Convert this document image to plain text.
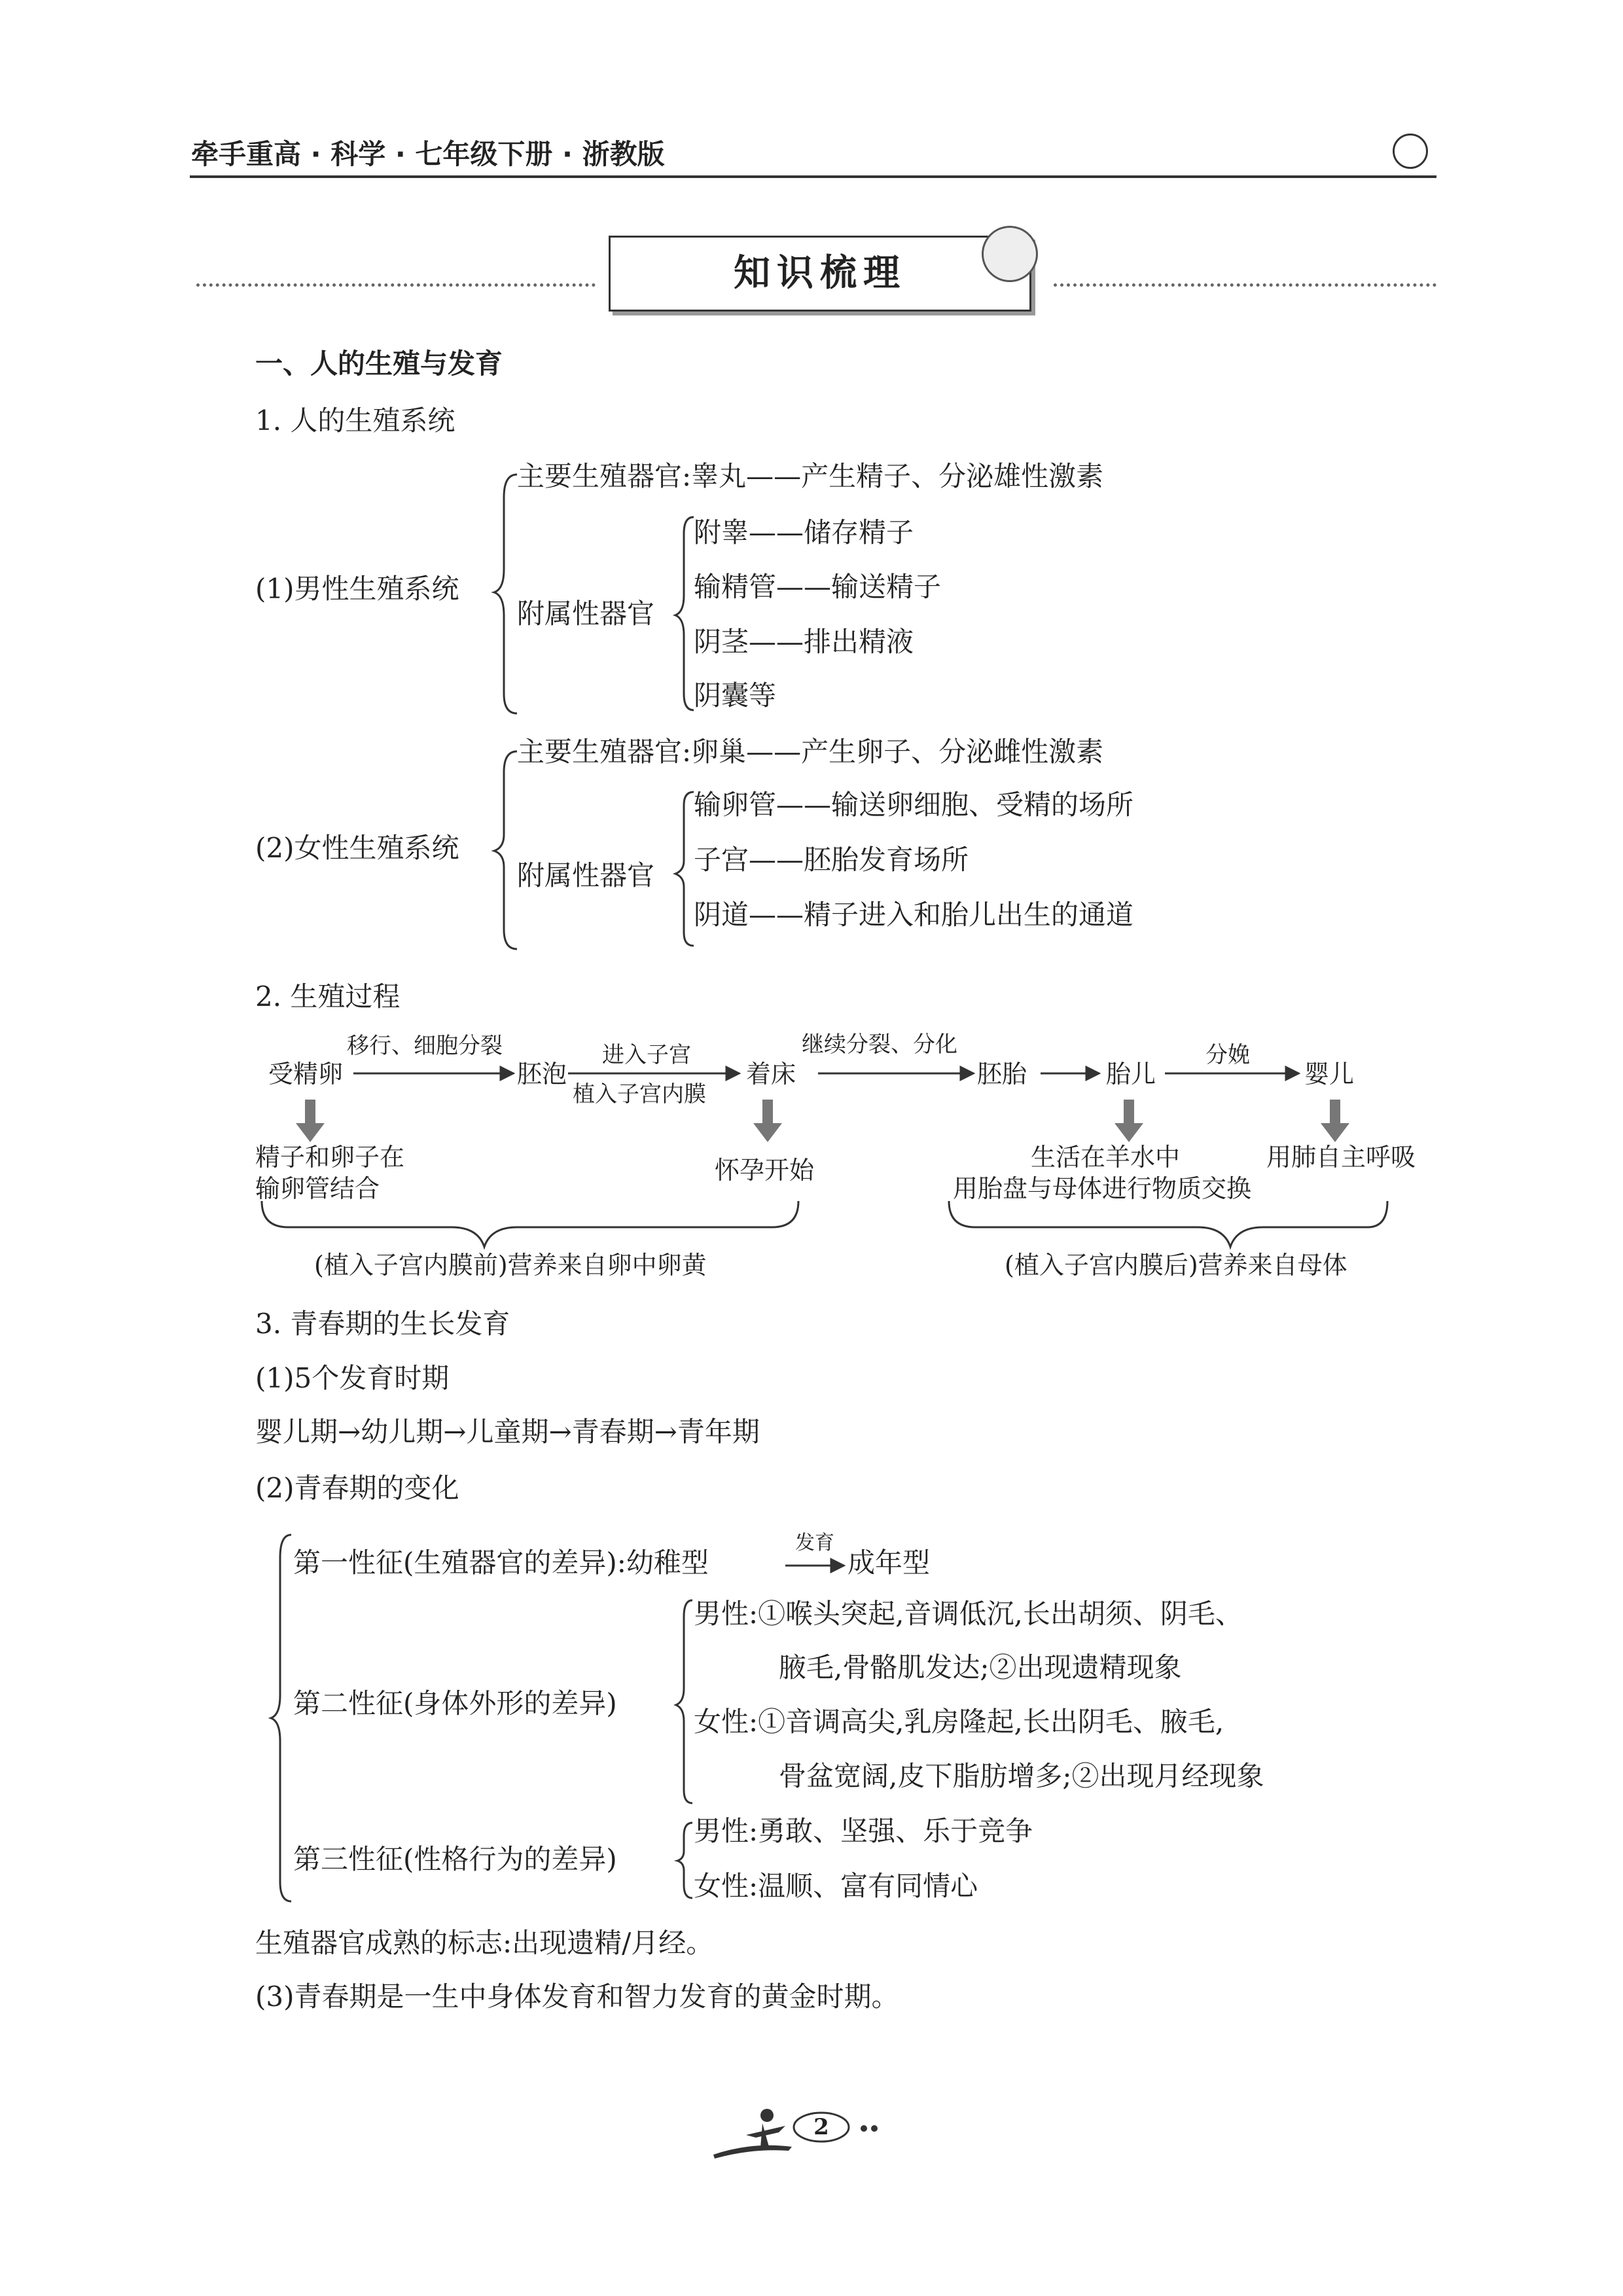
牵手重高 · 科学 · 七年级下册 · 浙教版
知识梳理
一、人的生殖与发育
1. 人的生殖系统
(1)男性生殖系统
主要生殖器官:睾丸——产生精子、分泌雄性激素
附属性器官
附睾——储存精子
输精管——输送精子
阴茎——排出精液
阴囊等
(2)女性生殖系统
主要生殖器官:卵巢——产生卵子、分泌雌性激素
附属性器官
输卵管——输送卵细胞、受精的场所
子宫——胚胎发育场所
阴道——精子进入和胎儿出生的通道
2. 生殖过程
受精卵	胚泡	着床	胚胎	胎儿	婴儿
移行、细胞分裂	进入子宫
植入子宫内膜
继续分裂、分化	分娩
精子和卵子在
输卵管结合
怀孕开始	生活在羊水中
用胎盘与母体进行物质交换
用肺自主呼吸
(植入子宫内膜前)营养来自卵中卵黄	(植入子宫内膜后)营养来自母体
3. 青春期的生长发育
(1)5个发育时期
婴儿期→幼儿期→儿童期→青春期→青年期
(2)青春期的变化
第一性征(生殖器官的差异):幼稚型
发育
成年型
第二性征(身体外形的差异)
男性:①喉头突起,音调低沉,长出胡须、阴毛、
腋毛,骨骼肌发达;②出现遗精现象
女性:①音调高尖,乳房隆起,长出阴毛、腋毛,
骨盆宽阔,皮下脂肪增多;②出现月经现象
第三性征(性格行为的差异)
男性:勇敢、坚强、乐于竞争
女性:温顺、富有同情心
生殖器官成熟的标志:出现遗精/月经。
(3)青春期是一生中身体发育和智力发育的黄金时期。
2
